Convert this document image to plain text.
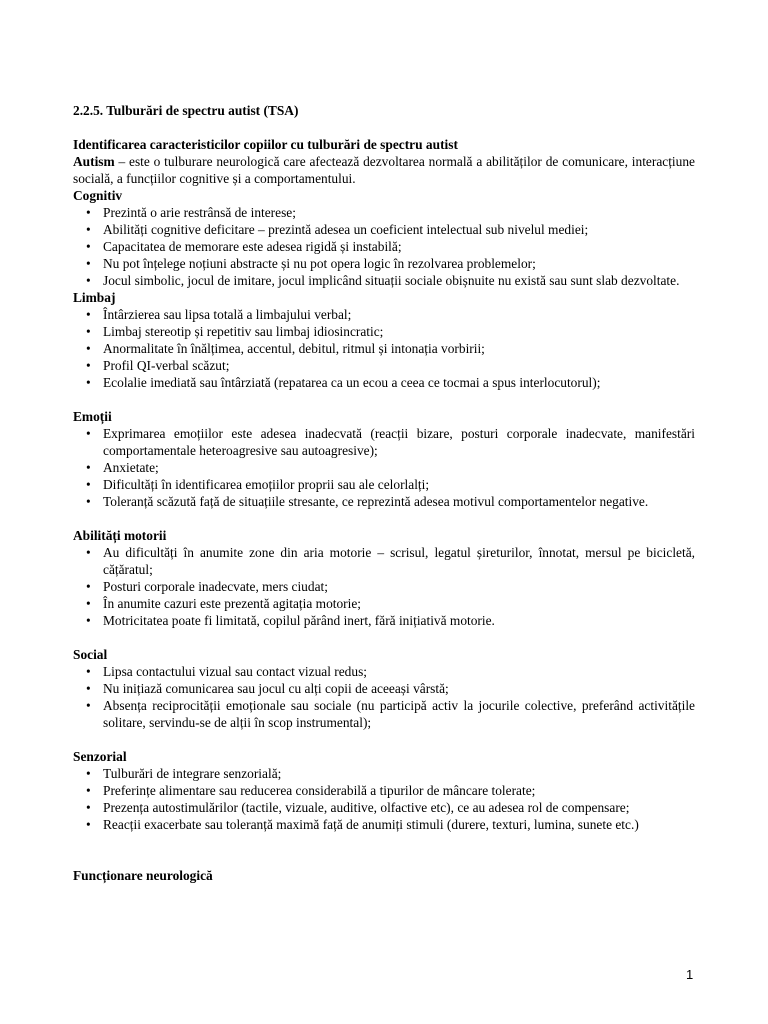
2.2.5. Tulburări de spectru autist (TSA)
Identificarea caracteristicilor copiilor cu tulburări de spectru autist
Autism – este o tulburare neurologică care afectează dezvoltarea normală a abilităților de comunicare, interacțiune socială, a funcțiilor cognitive și a comportamentului.
Cognitiv
• Prezintă o arie restrânsă de interese;
• Abilități cognitive deficitare – prezintă adesea un coeficient intelectual sub nivelul mediei;
• Capacitatea de memorare este adesea rigidă și instabilă;
• Nu pot înțelege noțiuni abstracte și nu pot opera logic în rezolvarea problemelor;
• Jocul simbolic, jocul de imitare, jocul implicând situații sociale obișnuite nu există sau sunt slab dezvoltate.
Limbaj
• Întârzierea sau lipsa totală a limbajului verbal;
• Limbaj stereotip și repetitiv sau limbaj idiosincratic;
• Anormalitate în înălțimea, accentul, debitul, ritmul și intonația vorbirii;
• Profil QI-verbal scăzut;
• Ecolalie imediată sau întârziată (repatarea ca un ecou a ceea ce tocmai a spus interlocutorul);
Emoții
• Exprimarea emoțiilor este adesea inadecvată (reacții bizare, posturi corporale inadecvate, manifestări comportamentale heteroagresive sau autoagresive);
• Anxietate;
• Dificultăți în identificarea emoțiilor proprii sau ale celorlalți;
• Toleranță scăzută față de situațiile stresante, ce reprezintă adesea motivul comportamentelor negative.
Abilități motorii
• Au dificultăți în anumite zone din aria motorie – scrisul, legatul șireturilor, înnotat, mersul pe bicicletă, cățăratul;
• Posturi corporale inadecvate, mers ciudat;
• În anumite cazuri este prezentă agitația motorie;
• Motricitatea poate fi limitată, copilul părând inert, fără inițiativă motorie.
Social
• Lipsa contactului vizual sau contact vizual redus;
• Nu inițiază comunicarea sau jocul cu alți copii de aceeași vârstă;
• Absența reciprocității emoționale sau sociale (nu participă activ la jocurile colective, preferând activitățile solitare, servindu-se de alții în scop instrumental);
Senzorial
• Tulburări de integrare senzorială;
• Preferințe alimentare sau reducerea considerabilă a tipurilor de mâncare tolerate;
• Prezența autostimulărilor (tactile, vizuale, auditive, olfactive etc), ce au adesea rol de compensare;
• Reacții exacerbate sau toleranță maximă față de anumiți stimuli (durere, texturi, lumina, sunete etc.)
Funcționare neurologică
1
